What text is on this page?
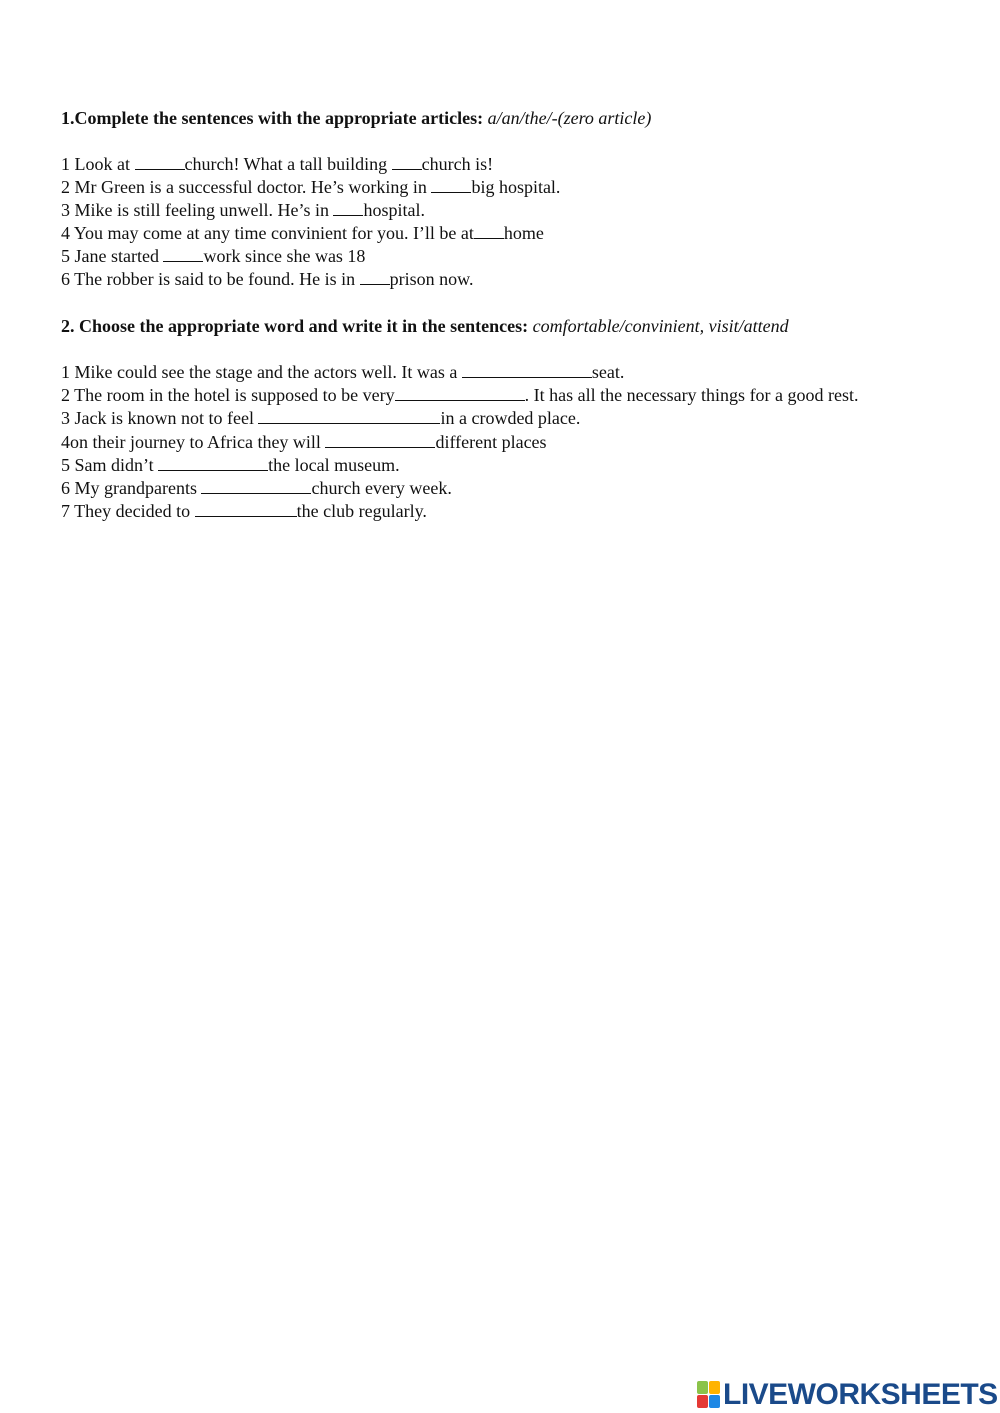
1.Complete the sentences with the appropriate articles: a/an/the/-(zero article)
1 Look at	church! What a tall building church is!
2 Mr Green is a successful doctor. He’s working in big hospital.
3 Mike is still feeling unwell. He’s in hospital.
4 You may come at any time convinient for you. I’ll be at home
5 Jane started work since she was 18
6 The robber is said to be found. He is in prison now.
2. Choose the appropriate word and write it in the sentences: comfortable/convinient, visit/attend
1 Mike could see the stage and the actors well. It was a	seat.
2 The room in the hotel is supposed to be very	. It has all the necessary things for a good rest.
3 Jack is known not to feel	in a crowded place.
4on their journey to Africa they will	different places
5 Sam didn’t	the local museum.
6 My grandparents	church every week.
7 They decided to	the club regularly.
LIVEWORKSHEETS
